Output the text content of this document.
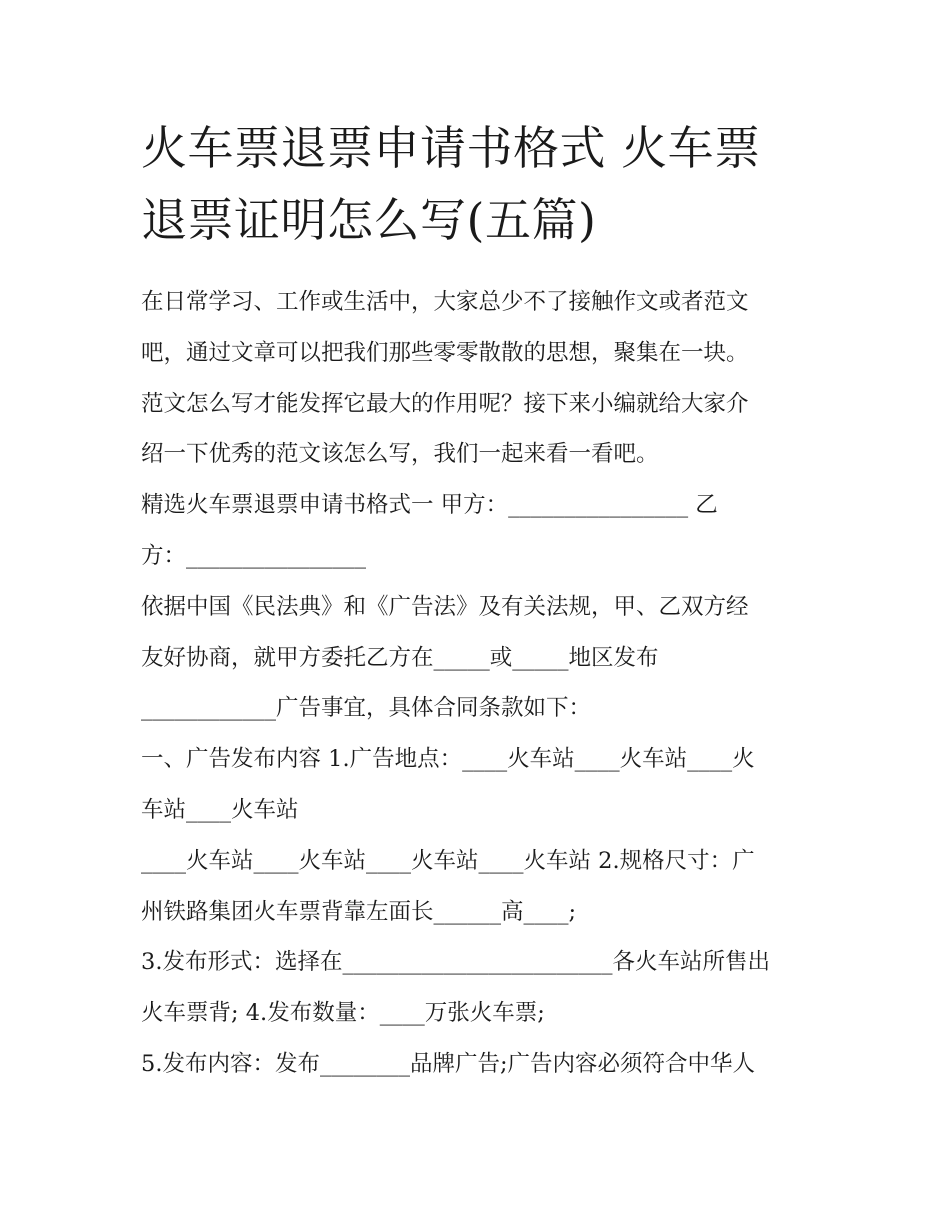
火车票退票申请书格式 火车票
退票证明怎么写(五篇)
在日常学习、工作或生活中，大家总少不了接触作文或者范文
吧，通过文章可以把我们那些零零散散的思想，聚集在一块。
范文怎么写才能发挥它最大的作用呢？接下来小编就给大家介
绍一下优秀的范文该怎么写，我们一起来看一看吧。
精选火车票退票申请书格式一 甲方：________________ 乙
方：________________
依据中国《民法典》和《广告法》及有关法规，甲、乙双方经
友好协商，就甲方委托乙方在_____或_____地区发布
____________广告事宜，具体合同条款如下：
一、广告发布内容 1.广告地点：____火车站____火车站____火
车站____火车站
____火车站____火车站____火车站____火车站 2.规格尺寸：广
州铁路集团火车票背靠左面长______高____;
3.发布形式：选择在________________________各火车站所售出
火车票背; 4.发布数量：____万张火车票;
5.发布内容：发布________品牌广告;广告内容必须符合中华人
